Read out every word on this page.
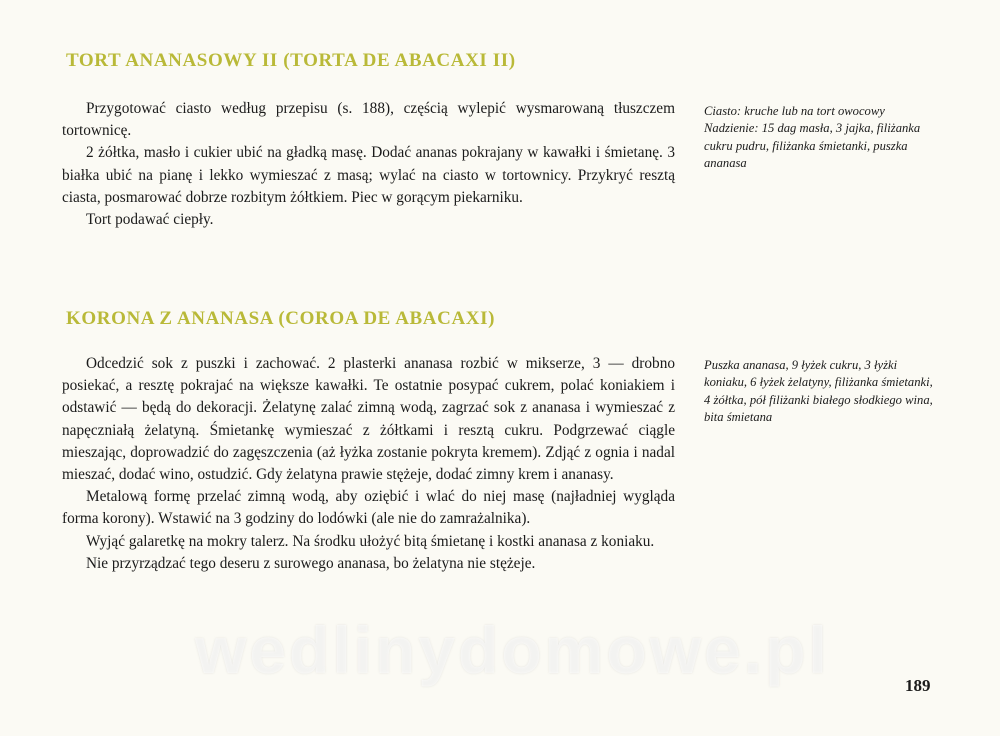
TORT ANANASOWY II (TORTA DE ABACAXI II)

Przygotować ciasto według przepisu (s. 188), częścią wylepić wysmarowaną tłuszczem tortownicę.

2 żółtka, masło i cukier ubić na gładką masę. Dodać ananas pokrajany w kawałki i śmietanę. 3 białka ubić na pianę i lekko wymieszać z masą; wylać na ciasto w tortownicy. Przykryć resztą ciasta, posmarować dobrze rozbitym żółtkiem. Piec w gorącym piekarniku.

Tort podawać ciepły.

Ciasto: kruche lub na tort owocowy

Nadzienie: 15 dag masła, 3 jajka, filiżanka cukru pudru, filiżanka śmietanki, puszka ananasa

KORONA Z ANANASA (COROA DE ABACAXI)

Odcedzić sok z puszki i zachować. 2 plasterki ananasa rozbić w mikserze, 3 — drobno posiekać, a resztę pokrajać na większe kawałki. Te ostatnie posypać cukrem, polać koniakiem i odstawić — będą do dekoracji. Żelatynę zalać zimną wodą, zagrzać sok z ananasa i wymieszać z napęczniałą żelatyną. Śmietankę wymieszać z żółtkami i resztą cukru. Podgrzewać ciągle mieszając, doprowadzić do zagęszczenia (aż łyżka zostanie pokryta kremem). Zdjąć z ognia i nadal mieszać, dodać wino, ostudzić. Gdy żelatyna prawie stężeje, dodać zimny krem i ananasy.

Metalową formę przelać zimną wodą, aby oziębić i wlać do niej masę (najładniej wygląda forma korony). Wstawić na 3 godziny do lodówki (ale nie do zamrażalnika).

Wyjąć galaretkę na mokry talerz. Na środku ułożyć bitą śmietanę i kostki ananasa z koniaku.

Nie przyrządzać tego deseru z surowego ananasa, bo żelatyna nie stężeje.

Puszka ananasa, 9 łyżek cukru, 3 łyżki koniaku, 6 łyżek żelatyny, filiżanka śmietanki, 4 żółtka, pół filiżanki białego słodkiego wina, bita śmietana

wedlinydomowe.pl	189
